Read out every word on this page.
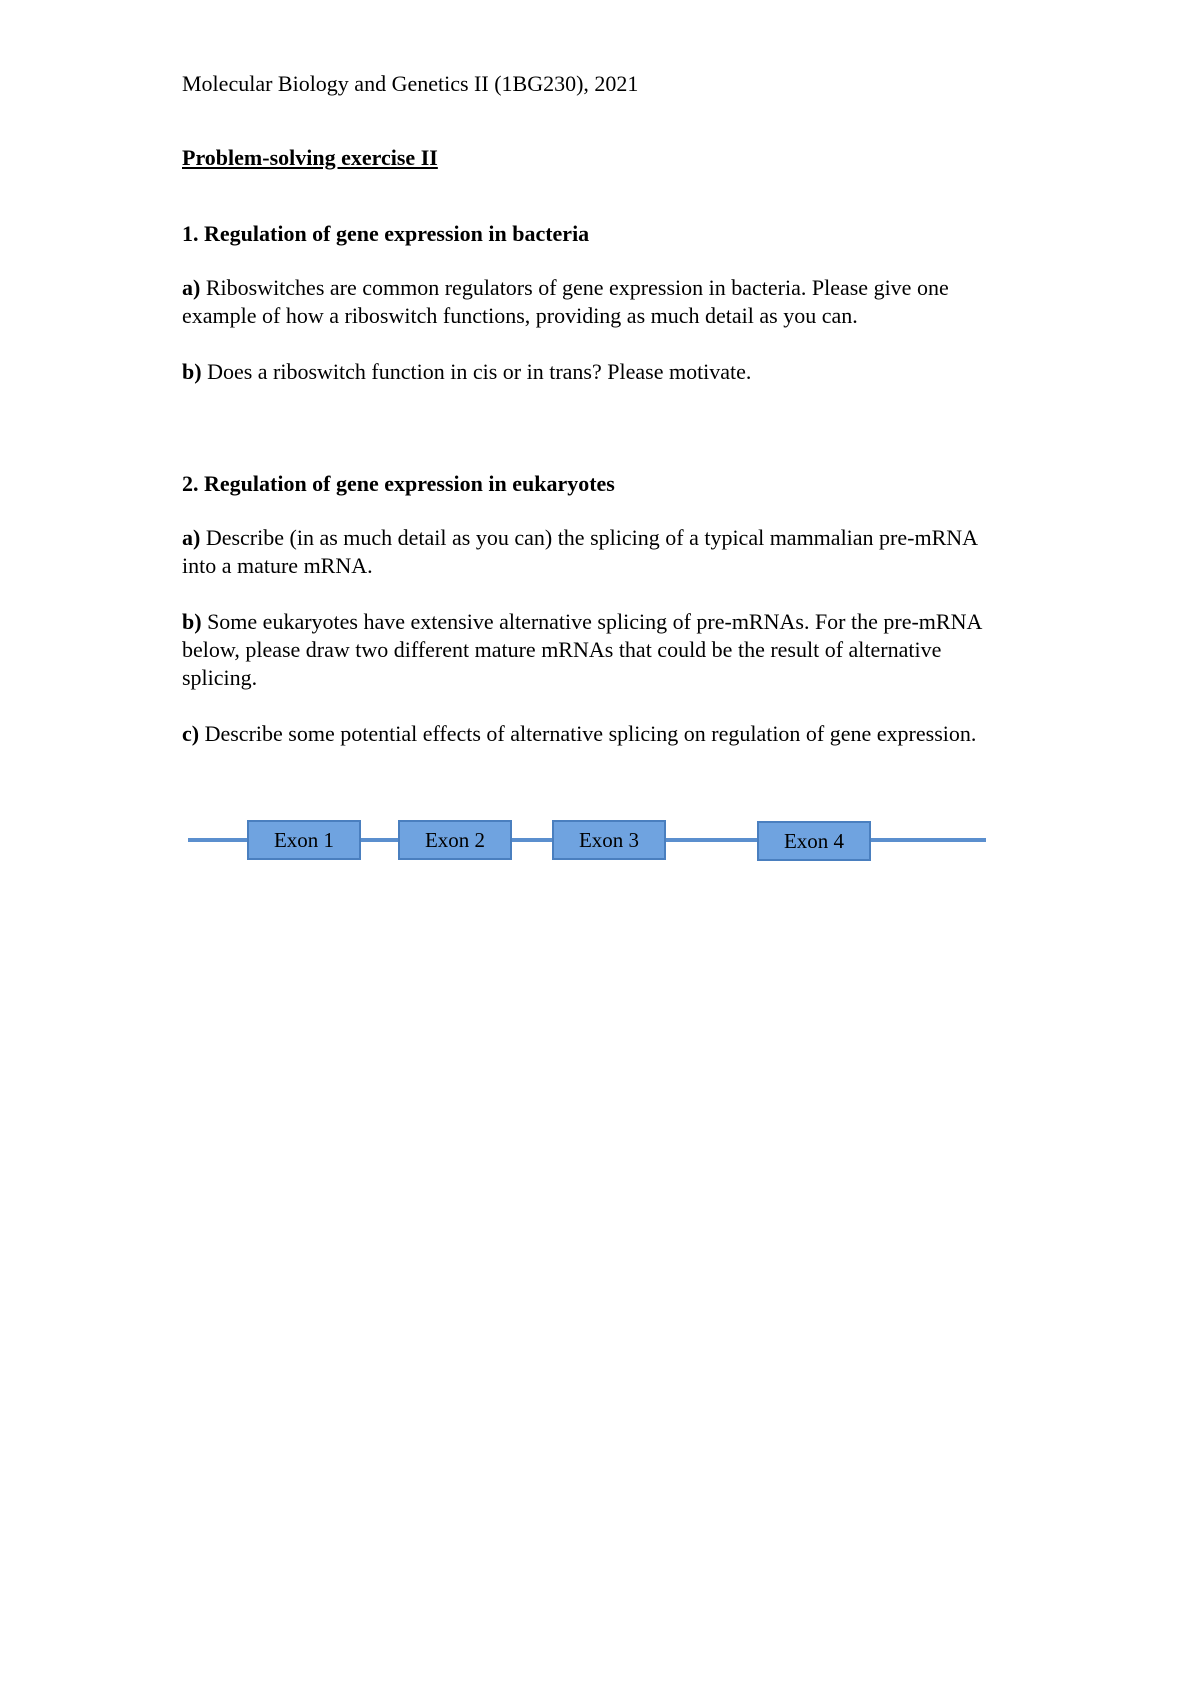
Molecular Biology and Genetics II (1BG230), 2021

Problem-solving exercise II

1. Regulation of gene expression in bacteria

a) Riboswitches are common regulators of gene expression in bacteria. Please give one example of how a riboswitch functions, providing as much detail as you can.

b) Does a riboswitch function in cis or in trans? Please motivate.

2. Regulation of gene expression in eukaryotes

a) Describe (in as much detail as you can) the splicing of a typical mammalian pre-mRNA into a mature mRNA.

b) Some eukaryotes have extensive alternative splicing of pre-mRNAs. For the pre-mRNA below, please draw two different mature mRNAs that could be the result of alternative splicing.

c) Describe some potential effects of alternative splicing on regulation of gene expression.

Exon 1	Exon 2	Exon 3	Exon 4
